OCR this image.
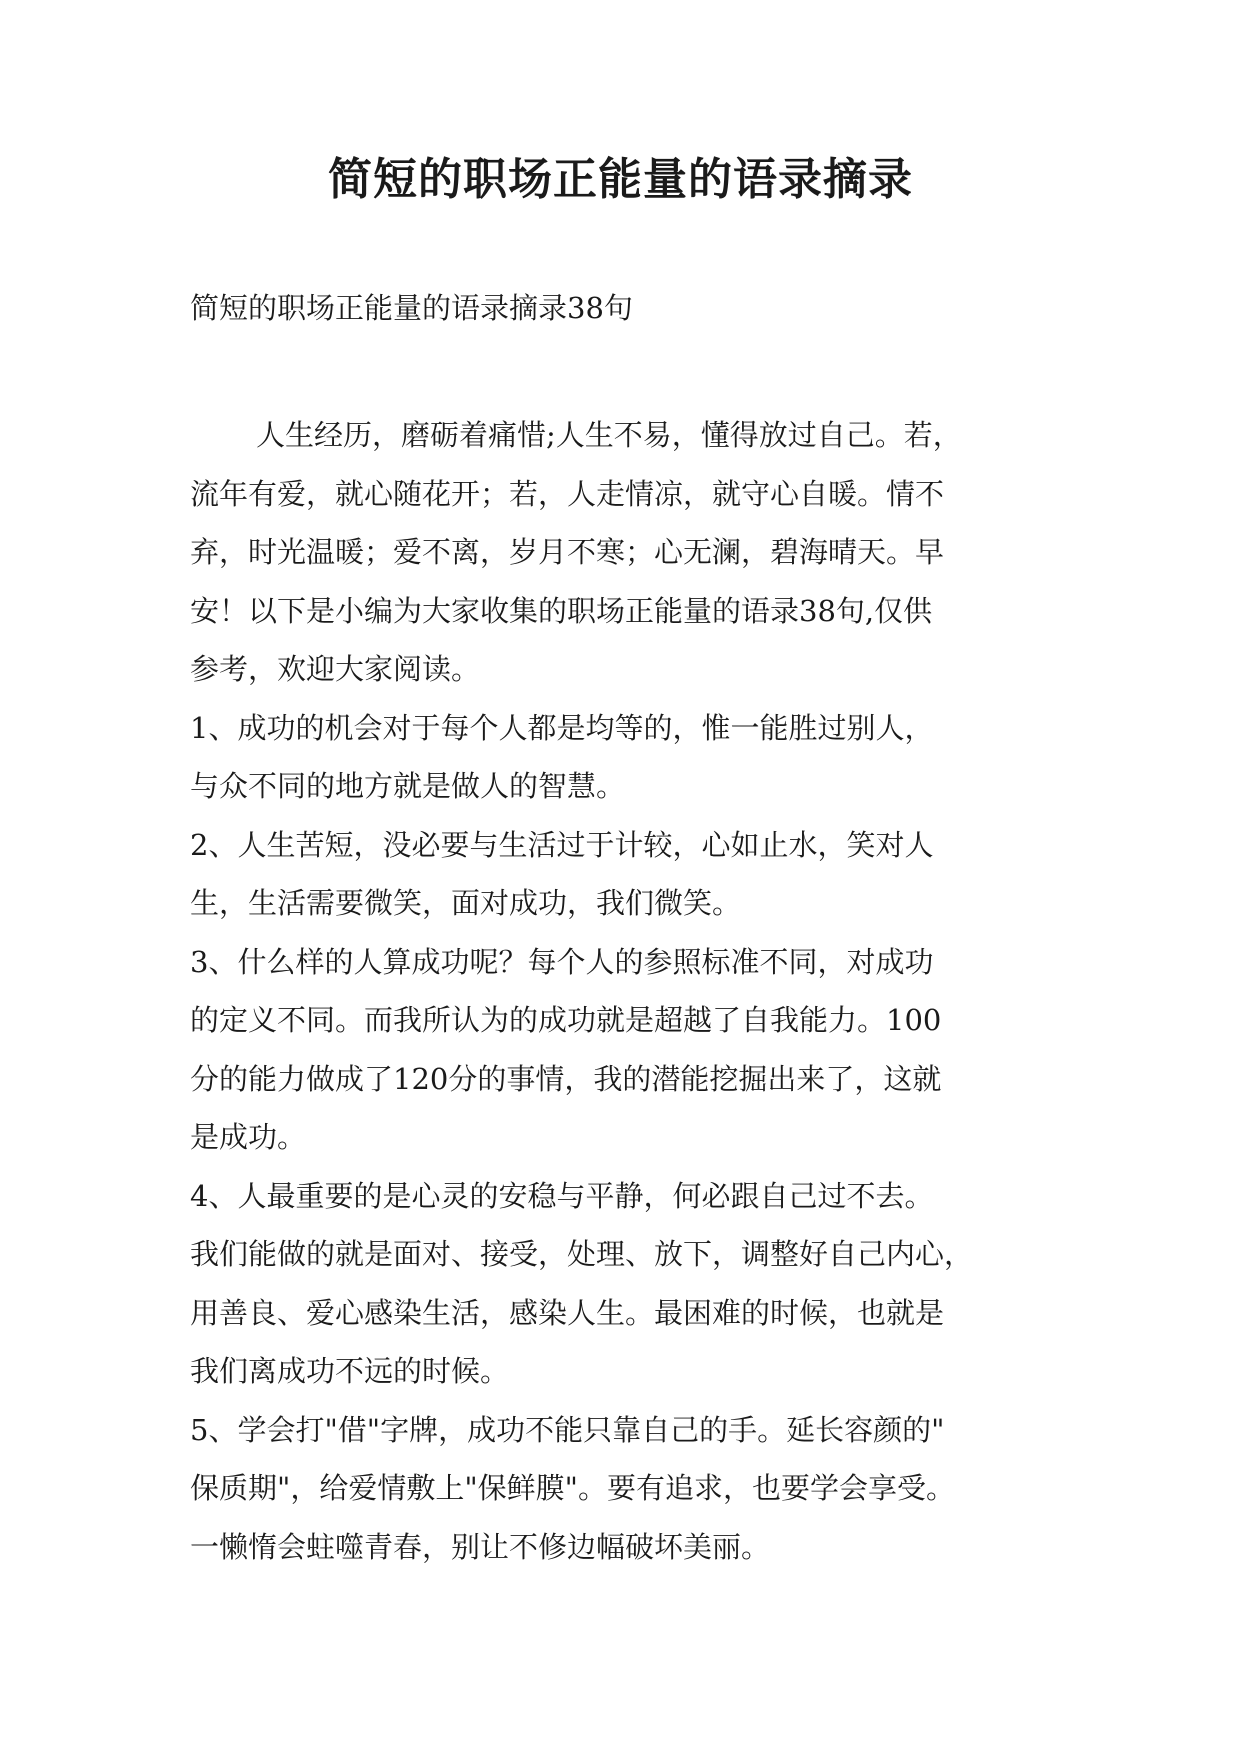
简短的职场正能量的语录摘录
简短的职场正能量的语录摘录38句
人生经历，磨砺着痛惜;人生不易，懂得放过自己。若，
流年有爱，就心随花开；若，人走情凉，就守心自暖。情不
弃，时光温暖；爱不离，岁月不寒；心无澜，碧海晴天。早
安！以下是小编为大家收集的职场正能量的语录38句,仅供
参考，欢迎大家阅读。
1、成功的机会对于每个人都是均等的，惟一能胜过别人，
与众不同的地方就是做人的智慧。
2、人生苦短，没必要与生活过于计较，心如止水，笑对人
生，生活需要微笑，面对成功，我们微笑。
3、什么样的人算成功呢？每个人的参照标准不同，对成功
的定义不同。而我所认为的成功就是超越了自我能力。100
分的能力做成了120分的事情，我的潜能挖掘出来了，这就
是成功。
4、人最重要的是心灵的安稳与平静，何必跟自己过不去。
我们能做的就是面对、接受，处理、放下，调整好自己内心，
用善良、爱心感染生活，感染人生。最困难的时候，也就是
我们离成功不远的时候。
5、学会打"借"字牌，成功不能只靠自己的手。延长容颜的"
保质期"，给爱情敷上"保鲜膜"。要有追求，也要学会享受。
一懒惰会蛀噬青春，别让不修边幅破坏美丽。
